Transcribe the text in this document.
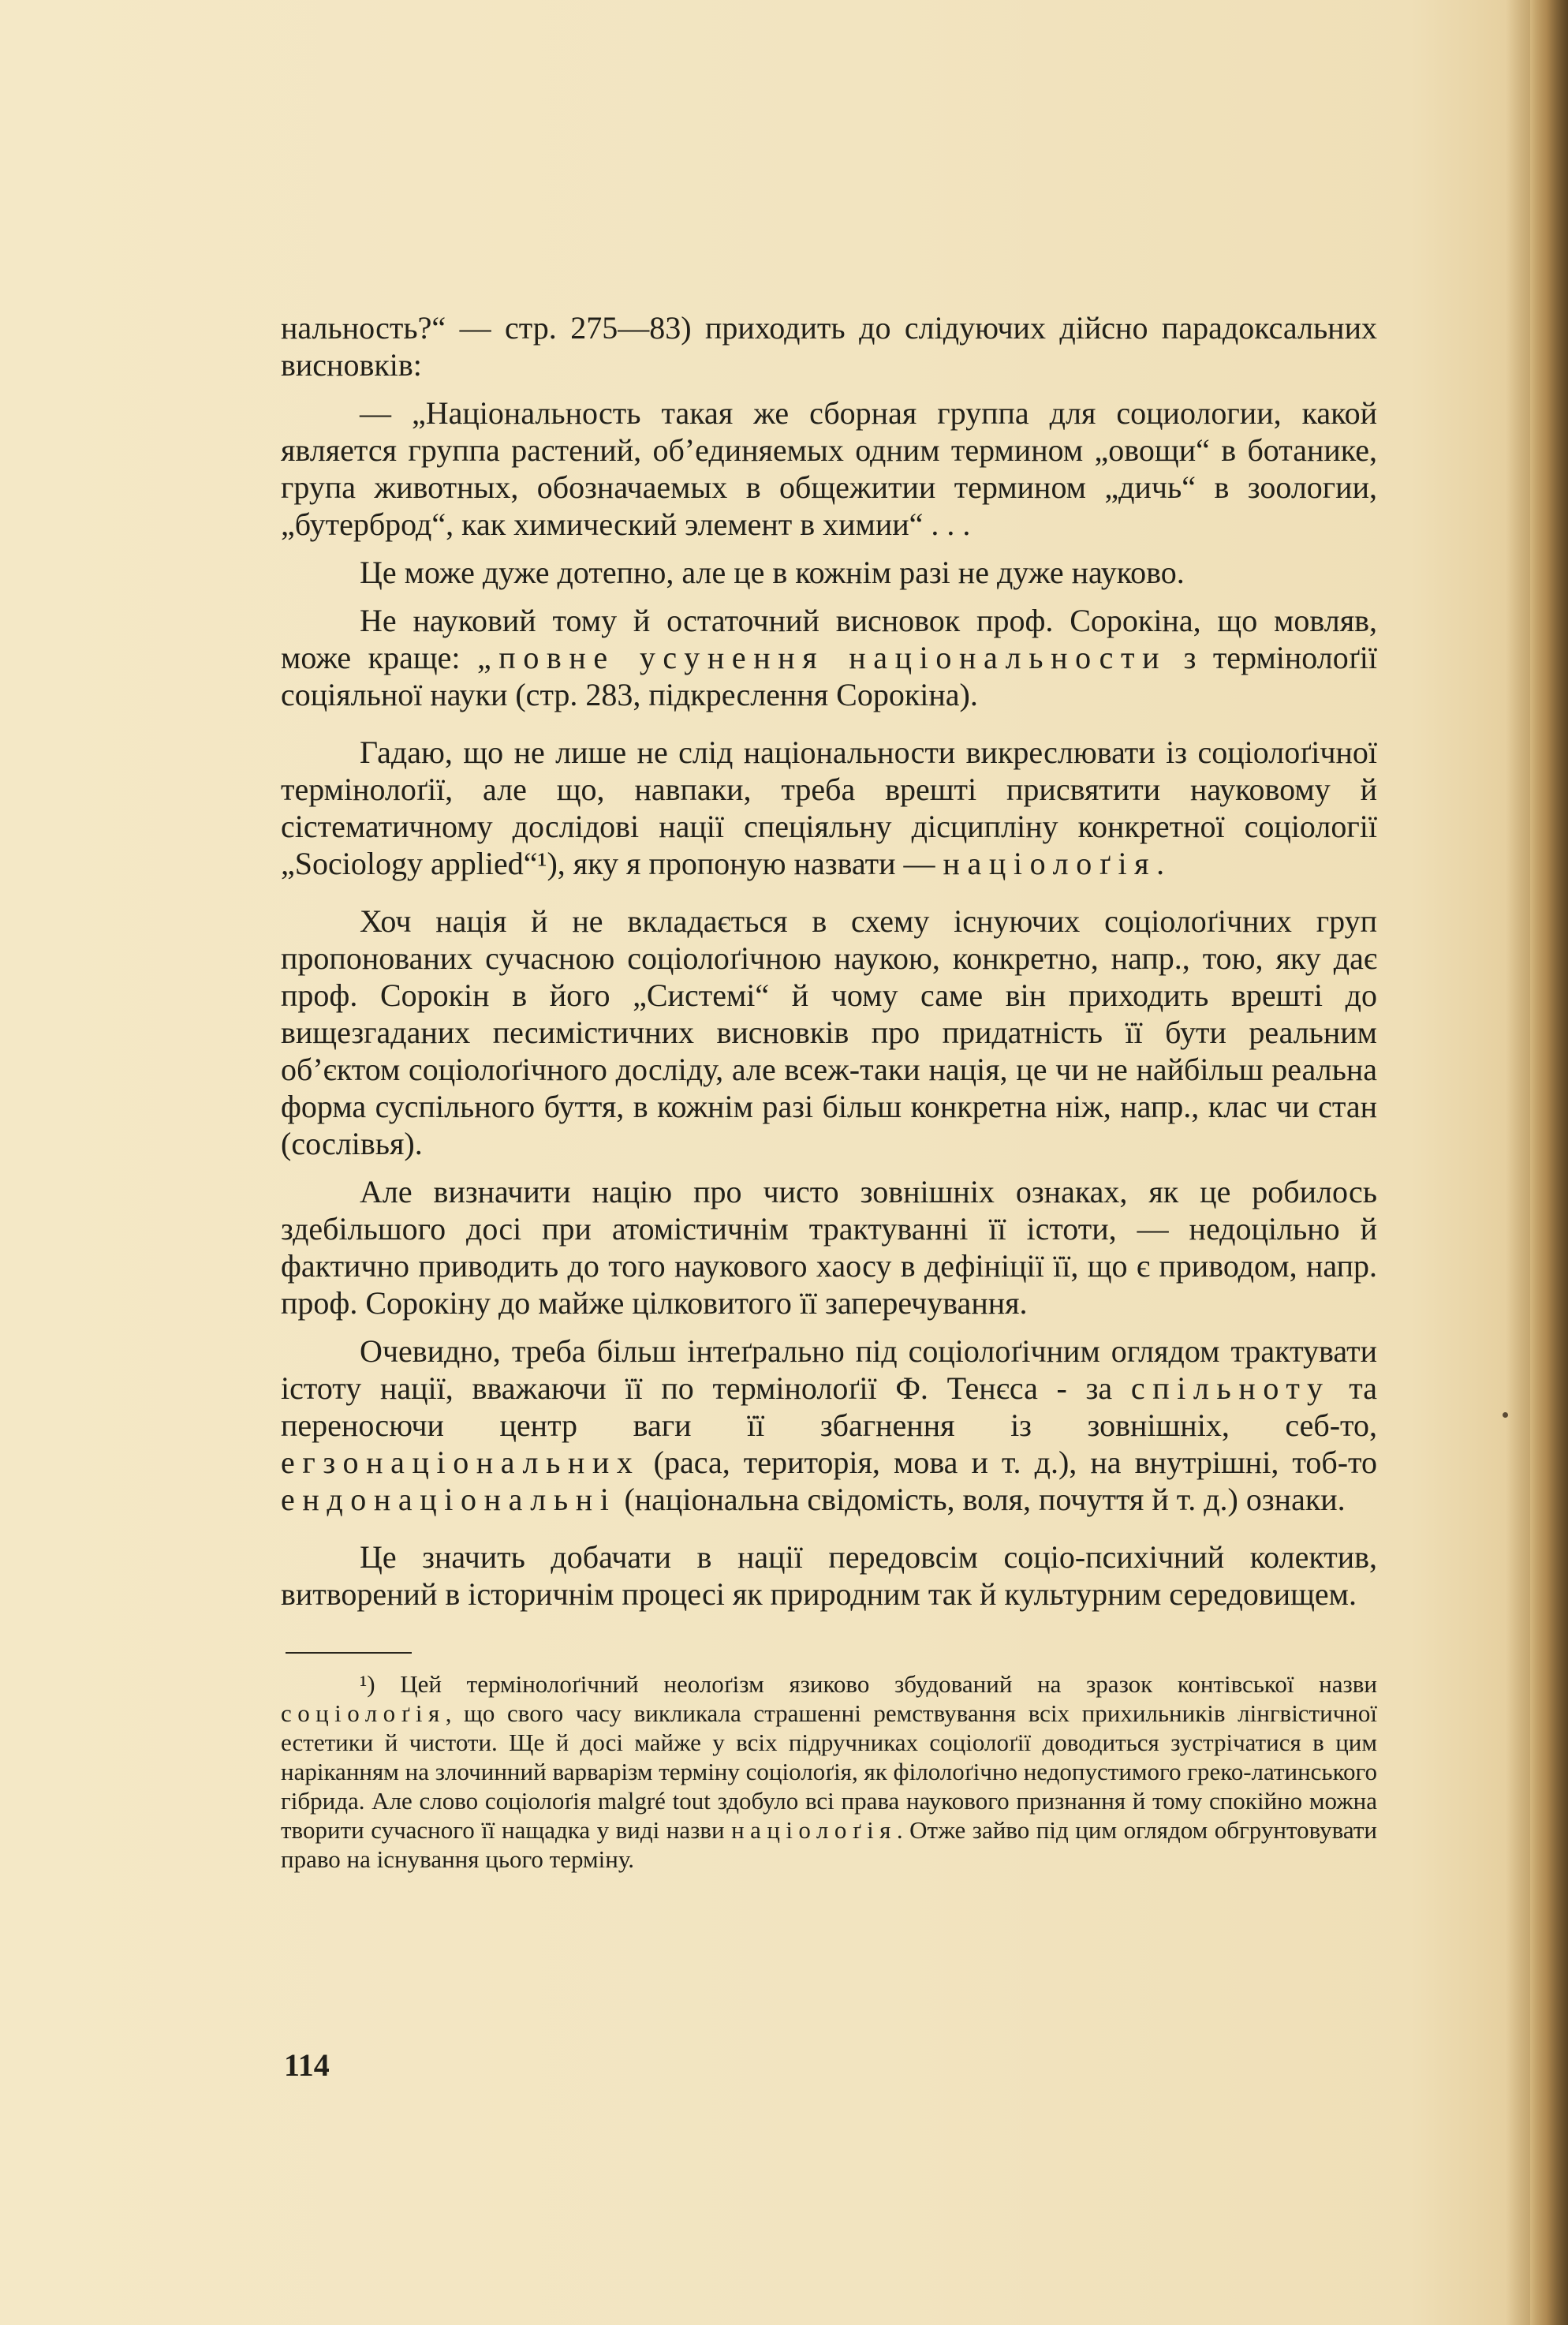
нальность?“ — стр. 275—83) приходить до слідуючих дійсно парадоксальних висновків:

— „Національность такая же сборная группа для социологии, какой является группа растений, об’единяемых одним термином „овощи“ в ботанике, група животных, обозначаемых в общежитии термином „дичь“ в зоологии, „бутерброд“, как химический элемент в химии“ . . .

Це може дуже дотепно, але це в кожнім разі не дуже науково.

Не науковий тому й остаточний висновок проф. Сорокіна, що мовляв, може краще: „повне усунення національности з термінолоґії соціяльної науки (стр. 283, підкреслення Сорокіна).

Гадаю, що не лише не слід національности викреслювати із соціолоґічної термінолоґії, але що, навпаки, треба врешті присвятити науковому й сістематичному дослідові нації спеціяльну дісципліну конкретної соціології „Sociology applied“¹), яку я пропоную назвати — націолоґія.

Хоч нація й не вкладається в схему існуючих соціолоґічних груп пропонованих сучасною соціолоґічною наукою, конкретно, напр., тою, яку дає проф. Сорокін в його „Системі“ й чому саме він приходить врешті до вищезгаданих песимістичних висновків про придатність її бути реальним об’єктом соціолоґічного досліду, але всеж-таки нація, це чи не найбільш реальна форма суспільного буття, в кожнім разі більш конкретна ніж, напр., клас чи стан (сослівья).

Але визначити націю про чисто зовнішніх ознаках, як це робилось здебільшого досі при атомістичнім трактуванні її істоти, — недоцільно й фактично приводить до того наукового хаосу в дефініції її, що є приводом, напр. проф. Сорокіну до майже цілковитого її заперечування.

Очевидно, треба більш інтеґрально під соціолоґічним оглядом трактувати істоту нації, вважаючи її по термінолоґії Ф. Тенєса - за спільноту та переносючи центр ваги її збагнення із зовнішніх, себ-то, егзонаціональних (раса, територія, мова и т. д.), на внутрішні, тоб-то ендонаціональні (національна свідомість, воля, почуття й т. д.) ознаки.

Це значить добачати в нації передовсім соціо-психічний колектив, витворений в історичнім процесі як природним так й культурним середовищем.

¹) Цей термінолоґічний неолоґізм язиково збудований на зразок контівської назви соціолоґія, що свого часу викликала страшенні ремствування всіх прихильників лінгвістичної естетики й чистоти. Ще й досі майже у всіх підручниках соціолоґії доводиться зустрічатися в цим наріканням на злочинний варварізм терміну соціолоґія, як філолоґічно недопустимого греко-латинського гібрида. Але слово соціолоґія malgré tout здобуло всі права наукового признання й тому спокійно можна творити сучасного її нащадка у виді назви націолоґія. Отже зайво під цим оглядом обгрунтовувати право на існування цього терміну.

114
